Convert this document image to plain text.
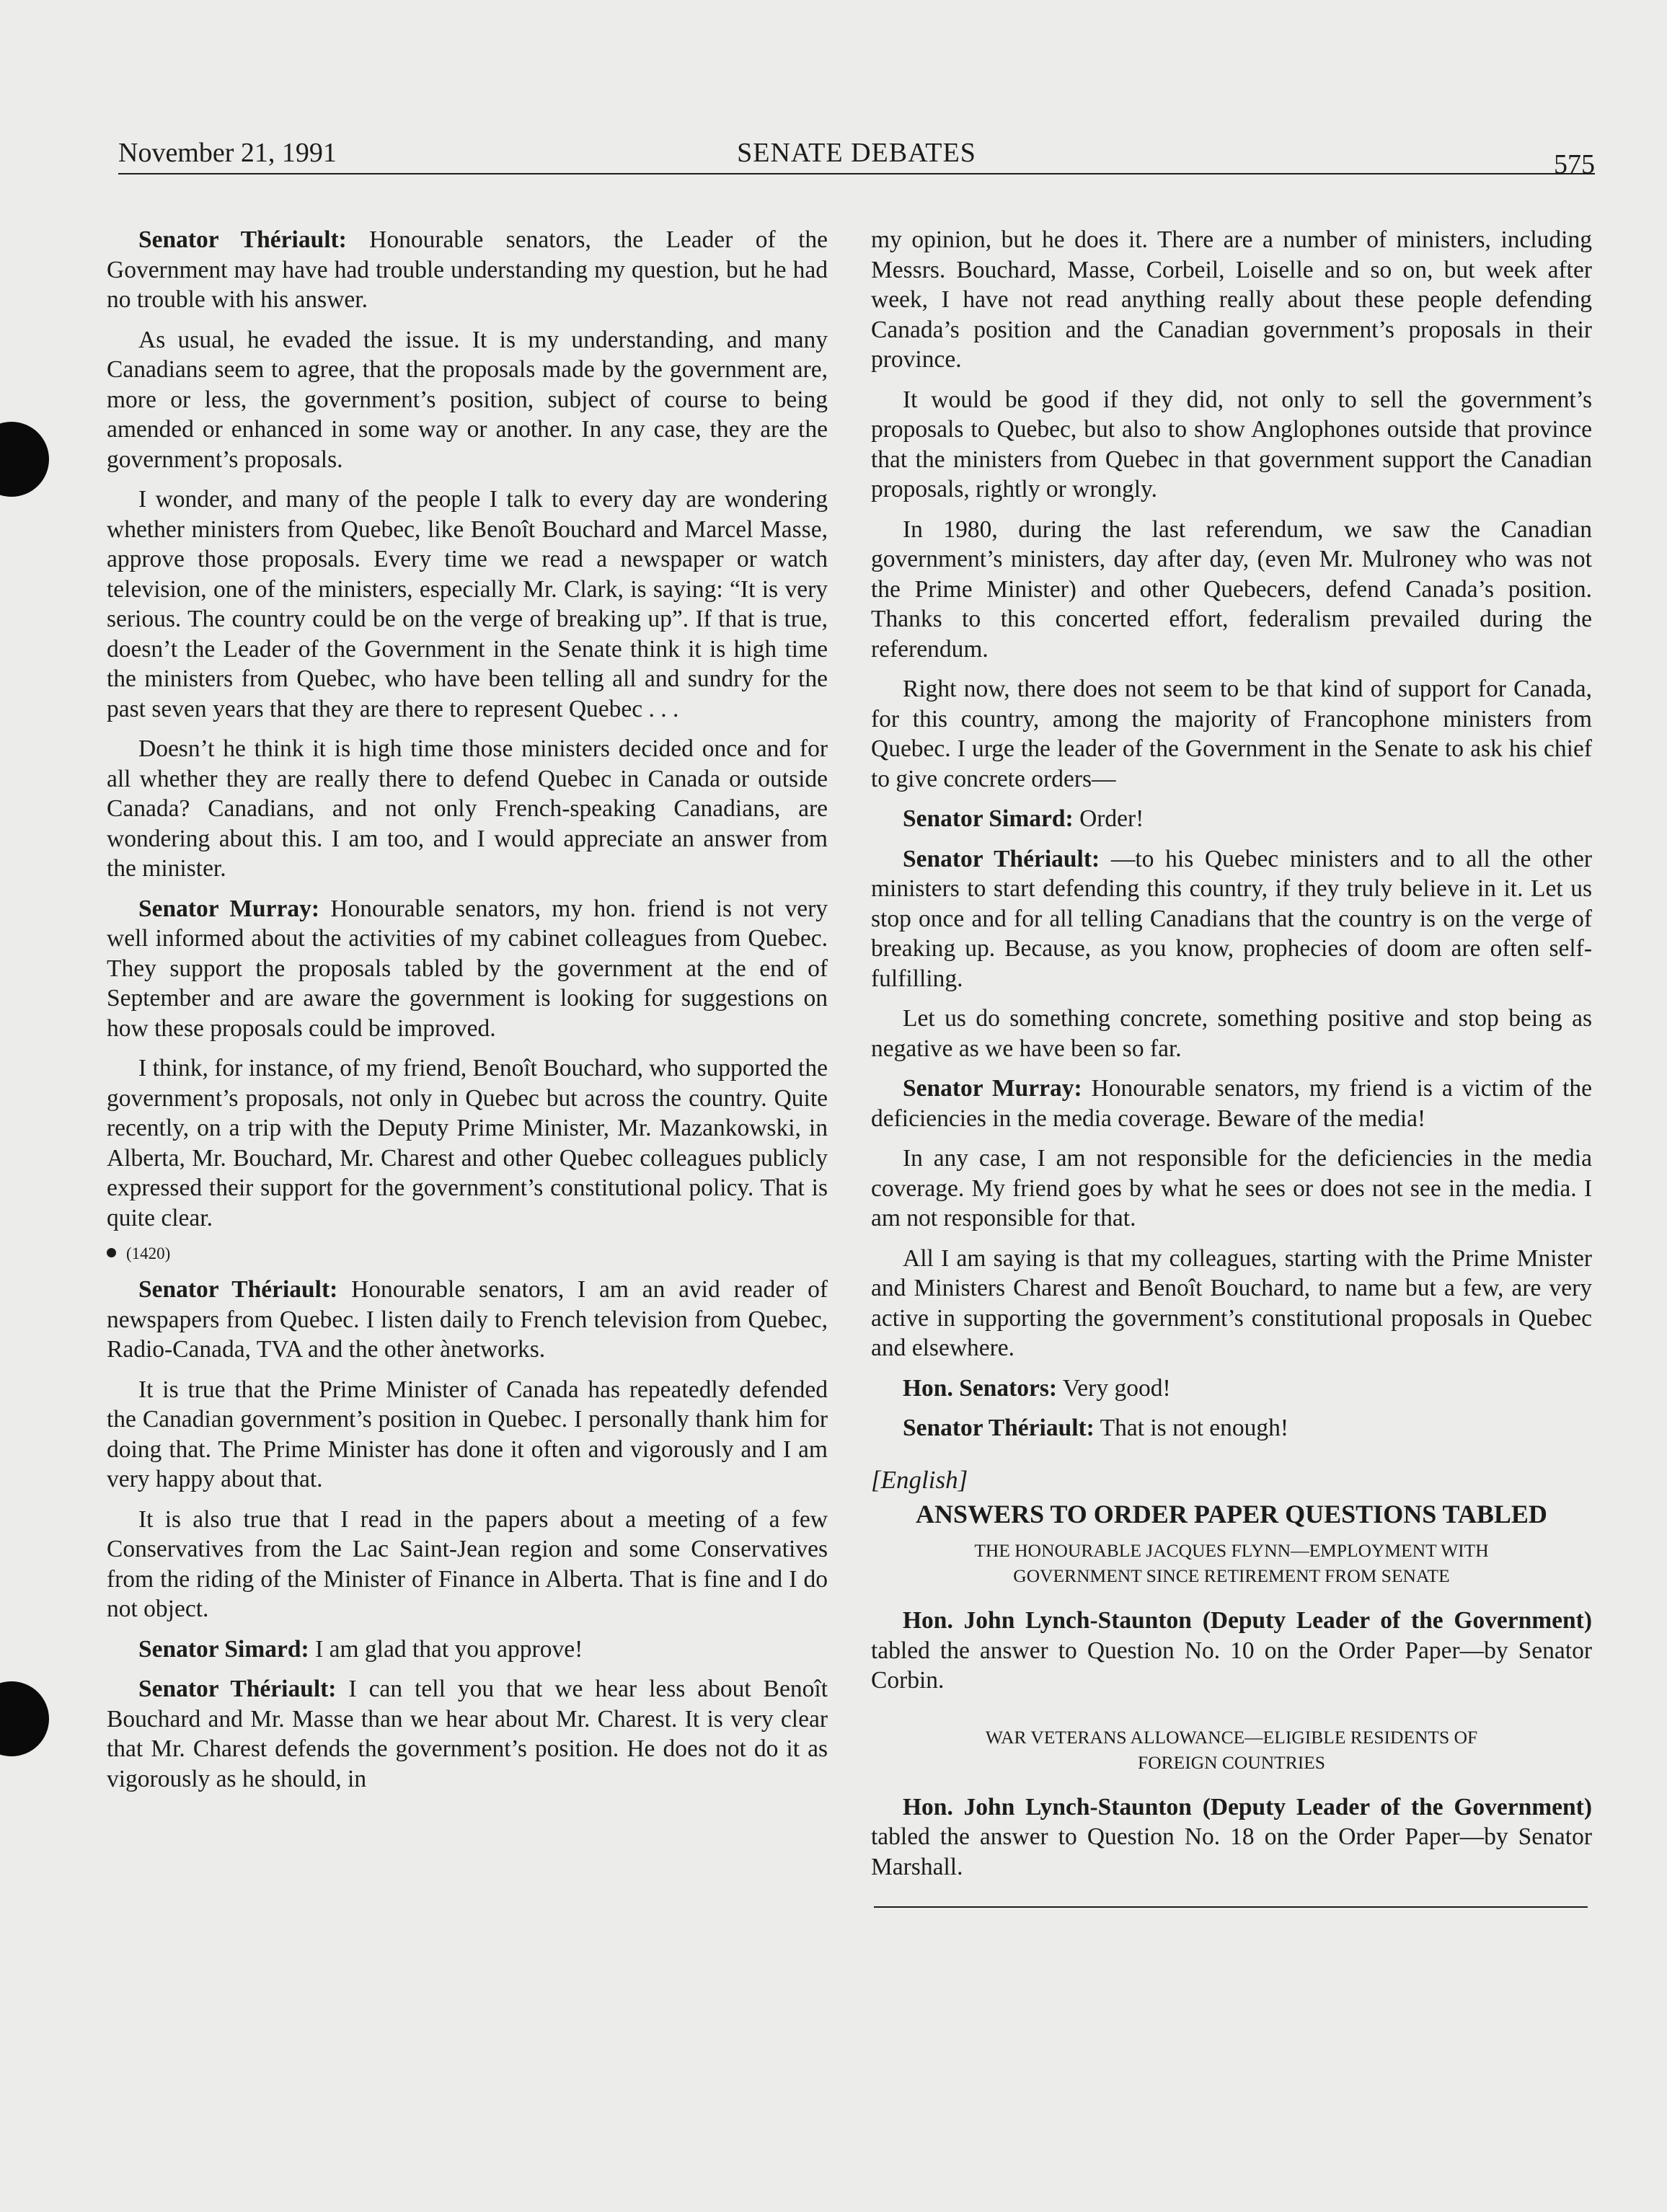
November 21, 1991	SENATE DEBATES	575

Senator Thériault: Honourable senators, the Leader of the Government may have had trouble understanding my question, but he had no trouble with his answer.

As usual, he evaded the issue. It is my understanding, and many Canadians seem to agree, that the proposals made by the government are, more or less, the government’s position, subject of course to being amended or enhanced in some way or another. In any case, they are the government’s proposals.

I wonder, and many of the people I talk to every day are wondering whether ministers from Quebec, like Benoît Bouchard and Marcel Masse, approve those proposals. Every time we read a newspaper or watch television, one of the ministers, especially Mr. Clark, is saying: “It is very serious. The country could be on the verge of breaking up”. If that is true, doesn’t the Leader of the Government in the Senate think it is high time the ministers from Quebec, who have been telling all and sundry for the past seven years that they are there to represent Quebec . . .

Doesn’t he think it is high time those ministers decided once and for all whether they are really there to defend Quebec in Canada or outside Canada? Canadians, and not only French-speaking Canadians, are wondering about this. I am too, and I would appreciate an answer from the minister.

Senator Murray: Honourable senators, my hon. friend is not very well informed about the activities of my cabinet colleagues from Quebec. They support the proposals tabled by the government at the end of September and are aware the government is looking for suggestions on how these proposals could be improved.

I think, for instance, of my friend, Benoît Bouchard, who supported the government’s proposals, not only in Quebec but across the country. Quite recently, on a trip with the Deputy Prime Minister, Mr. Mazankowski, in Alberta, Mr. Bouchard, Mr. Charest and other Quebec colleagues publicly expressed their support for the government’s constitutional policy. That is quite clear.

(1420)

Senator Thériault: Honourable senators, I am an avid reader of newspapers from Quebec. I listen daily to French television from Quebec, Radio-Canada, TVA and the other ànetworks.

It is true that the Prime Minister of Canada has repeatedly defended the Canadian government’s position in Quebec. I personally thank him for doing that. The Prime Minister has done it often and vigorously and I am very happy about that.

It is also true that I read in the papers about a meeting of a few Conservatives from the Lac Saint-Jean region and some Conservatives from the riding of the Minister of Finance in Alberta. That is fine and I do not object.

Senator Simard: I am glad that you approve!

Senator Thériault: I can tell you that we hear less about Benoît Bouchard and Mr. Masse than we hear about Mr. Charest. It is very clear that Mr. Charest defends the government’s position. He does not do it as vigorously as he should, in

my opinion, but he does it. There are a number of ministers, including Messrs. Bouchard, Masse, Corbeil, Loiselle and so on, but week after week, I have not read anything really about these people defending Canada’s position and the Canadian government’s proposals in their province.

It would be good if they did, not only to sell the government’s proposals to Quebec, but also to show Anglophones outside that province that the ministers from Quebec in that government support the Canadian proposals, rightly or wrongly.

In 1980, during the last referendum, we saw the Canadian government’s ministers, day after day, (even Mr. Mulroney who was not the Prime Minister) and other Quebecers, defend Canada’s position. Thanks to this concerted effort, federalism prevailed during the referendum.

Right now, there does not seem to be that kind of support for Canada, for this country, among the majority of Francophone ministers from Quebec. I urge the leader of the Government in the Senate to ask his chief to give concrete orders—

Senator Simard: Order!

Senator Thériault: —to his Quebec ministers and to all the other ministers to start defending this country, if they truly believe in it. Let us stop once and for all telling Canadians that the country is on the verge of breaking up. Because, as you know, prophecies of doom are often self-fulfilling.

Let us do something concrete, something positive and stop being as negative as we have been so far.

Senator Murray: Honourable senators, my friend is a victim of the deficiencies in the media coverage. Beware of the media!

In any case, I am not responsible for the deficiencies in the media coverage. My friend goes by what he sees or does not see in the media. I am not responsible for that.

All I am saying is that my colleagues, starting with the Prime Mnister and Ministers Charest and Benoît Bouchard, to name but a few, are very active in supporting the government’s constitutional proposals in Quebec and elsewhere.

Hon. Senators: Very good!

Senator Thériault: That is not enough!

[English]

ANSWERS TO ORDER PAPER QUESTIONS TABLED
THE HONOURABLE JACQUES FLYNN—EMPLOYMENT WITH
GOVERNMENT SINCE RETIREMENT FROM SENATE

Hon. John Lynch-Staunton (Deputy Leader of the Government) tabled the answer to Question No. 10 on the Order Paper—by Senator Corbin.

WAR VETERANS ALLOWANCE—ELIGIBLE RESIDENTS OF
FOREIGN COUNTRIES

Hon. John Lynch-Staunton (Deputy Leader of the Government) tabled the answer to Question No. 18 on the Order Paper—by Senator Marshall.
